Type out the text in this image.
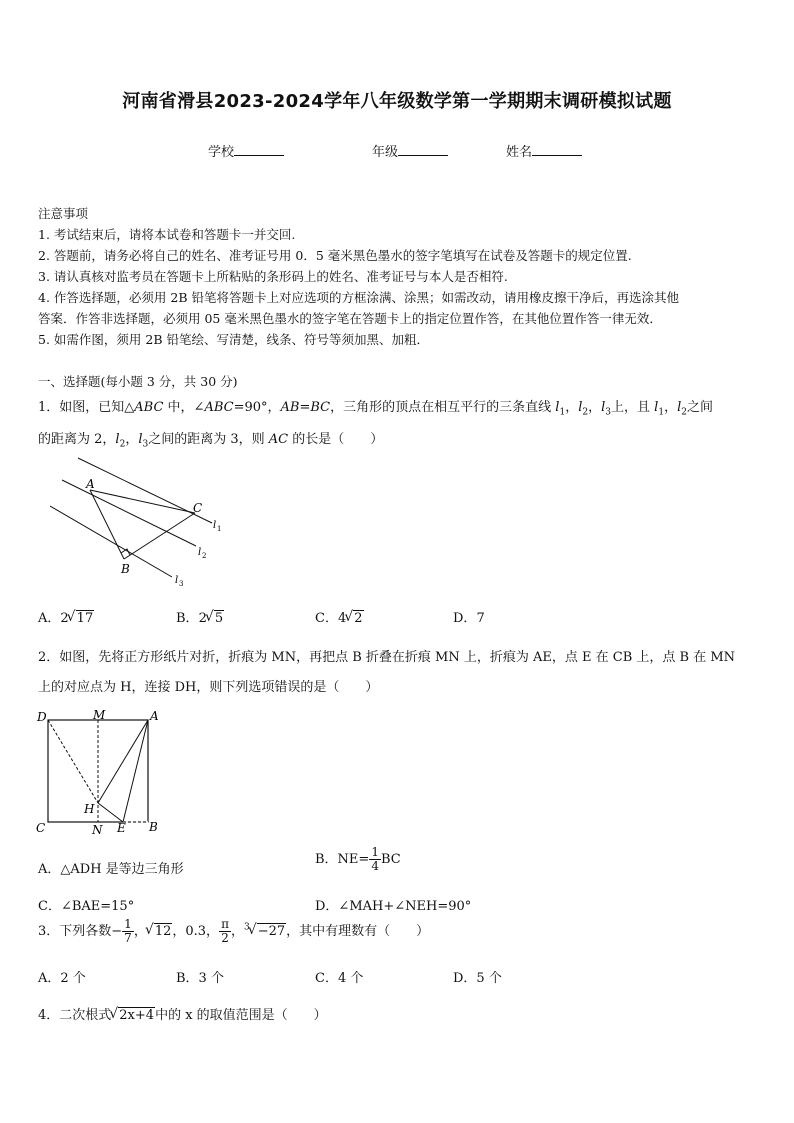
河南省滑县2023-2024学年八年级数学第一学期期末调研模拟试题
学校	年级	姓名
注意事项
1. 考试结束后，请将本试卷和答题卡一并交回.
2. 答题前，请务必将自己的姓名、准考证号用 0．5 毫米黑色墨水的签字笔填写在试卷及答题卡的规定位置.
3. 请认真核对监考员在答题卡上所粘贴的条形码上的姓名、准考证号与本人是否相符.
4. 作答选择题，必须用 2B 铅笔将答题卡上对应选项的方框涂满、涂黑；如需改动，请用橡皮擦干净后，再选涂其他
答案．作答非选择题，必须用 05 毫米黑色墨水的签字笔在答题卡上的指定位置作答，在其他位置作答一律无效．
5. 如需作图，须用 2B 铅笔绘、写清楚，线条、符号等须加黑、加粗．
一、选择题(每小题 3 分，共 30 分)
1．如图，已知△ABC 中，∠ABC=90°，AB=BC，三角形的顶点在相互平行的三条直线 $l_1$，$l_2$，$l_3$上，且 $l_1$，$l_2$之间
的距离为 2，$l_2$，$l_3$之间的距离为 3，则 AC 的长是（　　）
A
B
C
l 1
l 2
l 3
A．2 √ 17	B．2 √ 5	C．4 √ 2	D．7
2．如图，先将正方形纸片对折，折痕为 MN，再把点 B 折叠在折痕 MN 上，折痕为 AE，点 E 在 CB 上，点 B 在 MN
上的对应点为 H，连接 DH，则下列选项错误的是（　　）
D	M	A
H
C	N E B
A．△ADH 是等边三角形
B．$NE= \frac{1}{4}$ BC
C．∠BAE=15°	D．∠MAH+∠NEH=90°
3．下列各数− $\frac{1}{7}$ ， √ 12，0.3， $\frac{\pi}{2}$ ，$^3$ √ −27，其中有理数有（　　）
A．2 个	B．3 个	C．4 个	D．5 个
4．二次根式 √ 2x+4中的 x 的取值范围是（　　）
